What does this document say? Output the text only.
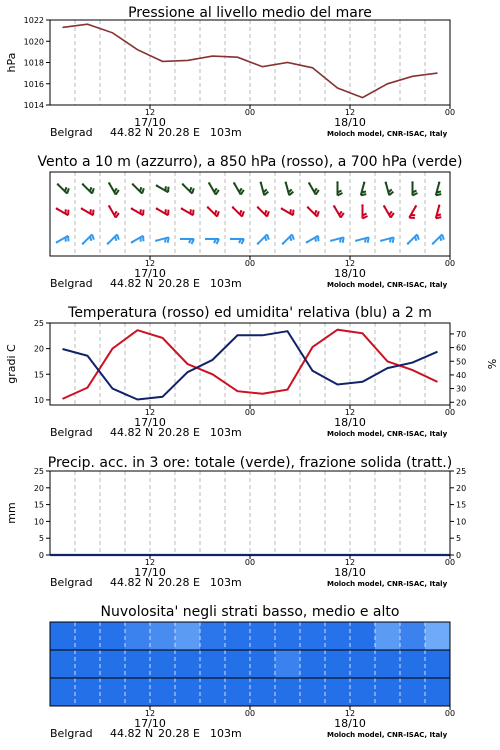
Pressione al livello medio del mare
1014
1016
1018
1020
1022
hPa
12	00	12	00
17/10	18/10
Belgrad 44.82 N 20.28 E 103m	Moloch model, CNR-ISAC, Italy
Vento a 10 m (azzurro), a 850 hPa (rosso), a 700 hPa (verde)
12	00	12	00
17/10	18/10
Belgrad 44.82 N 20.28 E 103m	Moloch model, CNR-ISAC, Italy
Temperatura (rosso) ed umidita' relativa (blu) a 2 m
10
15
20
25
20
30
40
50
60
70
gradi C	%
12	00	12	00
17/10	18/10
Belgrad 44.82 N 20.28 E 103m	Moloch model, CNR-ISAC, Italy
Precip. acc. in 3 ore: totale (verde), frazione solida (tratt.)
0
5
10
15
20
25
0
5
10
15
20
25
mm
12	00	12	00
17/10	18/10
Belgrad 44.82 N 20.28 E 103m	Moloch model, CNR-ISAC, Italy
Nuvolosita' negli strati basso, medio e alto
12	00	12	00
17/10	18/10
Belgrad 44.82 N 20.28 E 103m	Moloch model, CNR-ISAC, Italy
